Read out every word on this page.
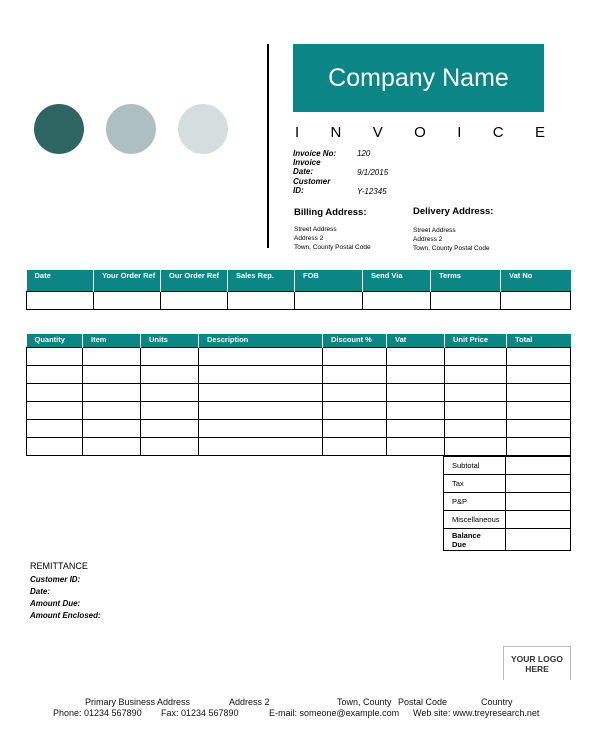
Company Name
I N V O I C E
Invoice No:	120
Invoice
Date:	9/1/2015
Customer
ID:	Y-12345
Billing Address:
Street Address
Address 2
Town, County Postal Code
Delivery Address:
Street Address
Address 2
Town, County Postal Code
Date	Your Order Ref	Our Order Ref	Sales Rep.	FOB	Send Via	Terms	Vat No

Quantity	Item	Units	Description	Discount %	Vat	Unit Price	Total

Subtotal	
Tax	
P&P	
Miscellaneous	

Balance
Due	

REMITTANCE
Customer ID:
Date:
Amount Due:
Amount Enclosed:
YOUR LOGO
HERE
Primary Business Address	Address 2	Town, County Postal Code	Country
Phone: 01234 567890 Fax: 01234 567890	E-mail: someone@example.com Web site: www.treyresearch.net
